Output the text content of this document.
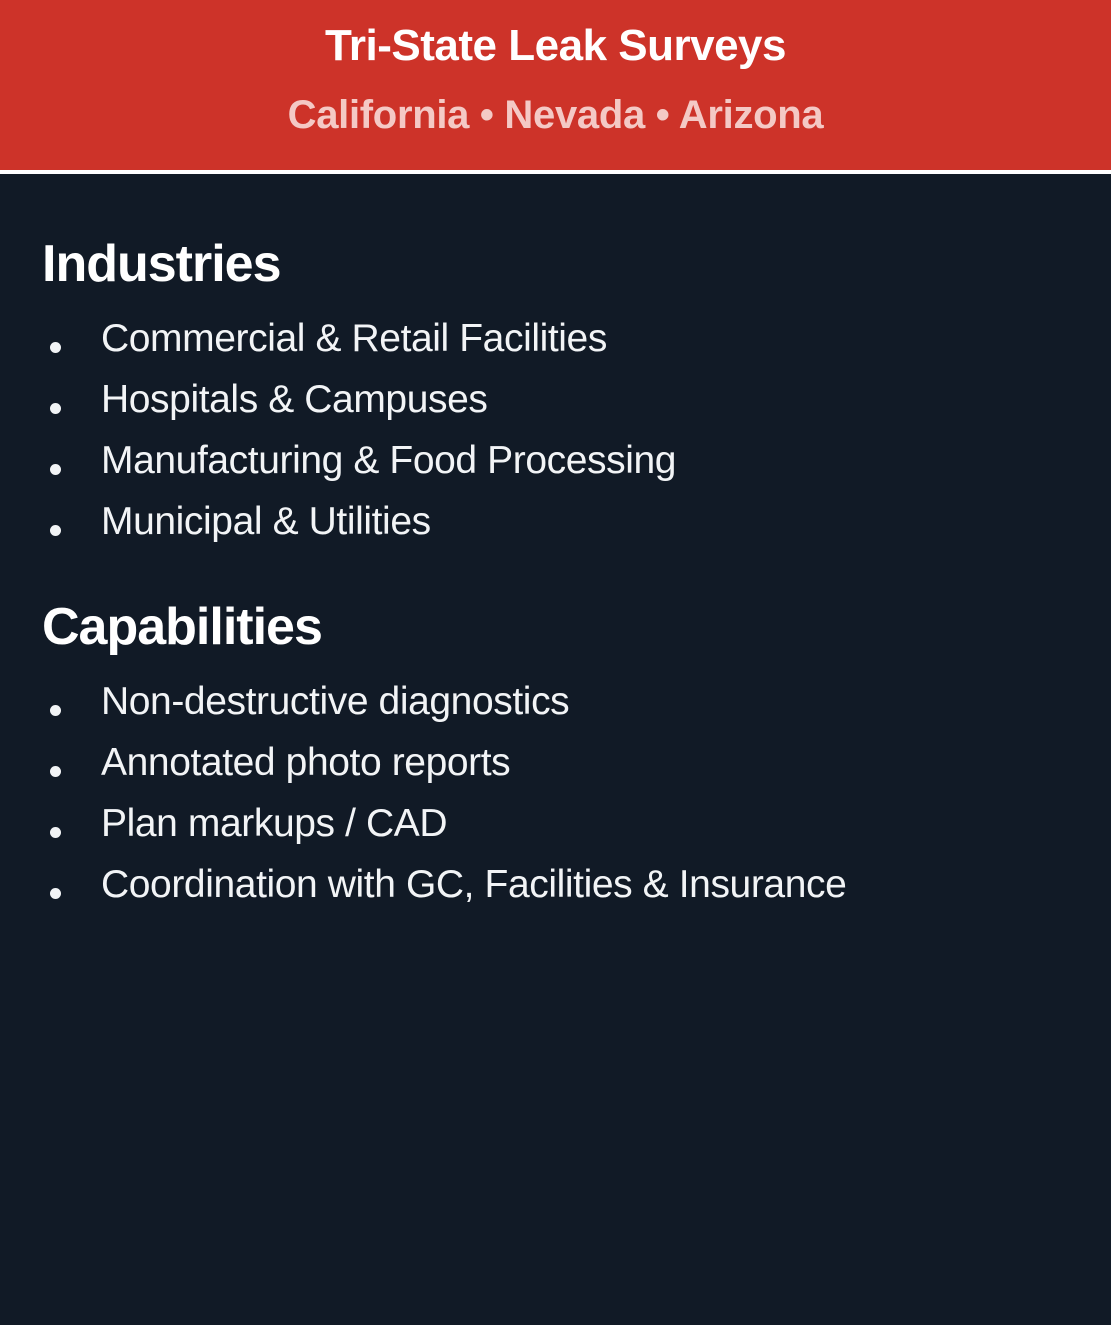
Tri-State Leak Surveys
California • Nevada • Arizona
Industries
Commercial & Retail Facilities
Hospitals & Campuses
Manufacturing & Food Processing
Municipal & Utilities
Capabilities
Non-destructive diagnostics
Annotated photo reports
Plan markups / CAD
Coordination with GC, Facilities & Insurance
